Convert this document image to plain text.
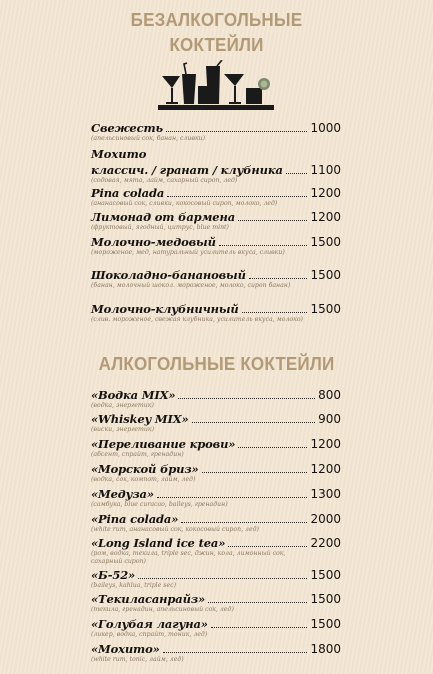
БЕЗАЛКОГОЛЬНЫЕ
КОКТЕЙЛИ
Свежесть	1000
(апельсиновый сок, банан, сливки)
Мохито
классич. / гранат / клубника 1100
(содовая, мята, лайм, сахарный сироп, лед)
Pina colada	1200
(ананасовый сок, сливки, кокосовый сироп, молоко, лед)
Лимонад от бармена	1200
(фруктовый, ягодный, цитрус, blue mint)
Молочно-медовый	1500
(мороженое, мед, натуральный усилитель вкуса, сливки)
Шоколадно-банановый	1500
(банан, молочный шокол. мороженое, молоко, сироп банан)
Молочно-клубничный	1500
(слив. мороженое, свежая клубника, усилитель вкуса, молоко)
АЛКОГОЛЬНЫЕ КОКТЕЙЛИ
«Водка MIX»	800
(водка, энергетик)
«Whiskey MIX»	900
(виски, энергетик)
«Переливание крови»	1200
(абсент, спрайт, гренадин)
«Морской бриз»	1200
(водка, сок, компот, лайм, лед)
«Медуза»	1300
(самбука, blue curacao, baileys, гренадин)
«Pina colada»	2000
(white rum, ананасовый сок, кокосовый сироп, лед)
«Long Island ice tea»	2200
(ром, водка, текила, triple sec, джин, кола, лимонный сок, сахарный сироп)
«Б-52»	1500
(baileys, kahlua, triple sec)
«Текиласанрайз»	1500
(текила, гренадин, апельсиновый сок, лед)
«Голубая лагуна»	1500
(ликер, водка, спрайт, тоник, лед)
«Мохито»	1800
(white rum, tonic, лайм, лед)
